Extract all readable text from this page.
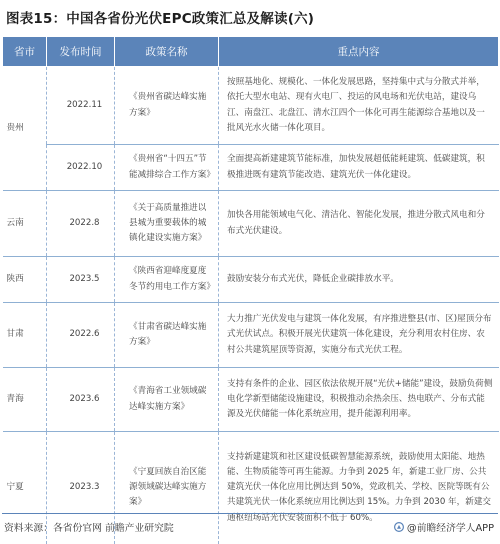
图表15：中国各省份光伏EPC政策汇总及解读(六)
省市	发布时间	政策名称	重点内容
贵州	2022.11	《贵州省碳达峰实施方案》	按照基地化、规模化、一体化发展思路，坚持集中式与分散式并举，依托大型水电站、现有火电厂、投运的风电场和光伏电站，建设乌江、南盘江、北盘江、清水江四个一体化可再生能源综合基地以及一批风光水火储一体化项目。
	2022.10	《贵州省“十四五”节能减排综合工作方案》	全面提高新建建筑节能标准，加快发展超低能耗建筑、低碳建筑，积极推进既有建筑节能改造、建筑光伏一体化建设。
云南	2022.8	《关于高质量推进以县城为重要载体的城镇化建设实施方案》	加快各用能领域电气化、清洁化、智能化发展，推进分散式风电和分布式光伏建设。
陕西	2023.5	《陕西省迎峰度夏度冬节约用电工作方案》	鼓励安装分布式光伏，降低企业碳排放水平。
甘肃	2022.6	《甘肃省碳达峰实施方案》	大力推广光伏发电与建筑一体化发展，有序推进整县(市、区)屋顶分布式光伏试点。积极开展光伏建筑一体化建设，充分利用农村住房、农村公共建筑屋顶等资源，实施分布式光伏工程。
青海	2023.6	《青海省工业领域碳达峰实施方案》	支持有条件的企业、园区依法依规开展“光伏+储能”建设，鼓励负荷侧电化学新型储能设施建设，积极推动余热余压、热电联产、分布式能源及光伏储能一体化系统应用，提升能源利用率。
宁夏	2023.3	《宁夏回族自治区能源领域碳达峰实施方案》	支持新建建筑和社区建设低碳智慧能源系统，鼓励使用太阳能、地热能、生物质能等可再生能源。力争到 2025 年，新建工业厂房、公共建筑光伏一体化应用比例达到 50%，党政机关、学校、医院等既有公共建筑光伏一体化系统应用比例达到 15%。力争到 2030 年，新建交通枢纽场站光伏安装面积不低于 60%。
资料来源：各省份官网 前瞻产业研究院	@前瞻经济学人APP
